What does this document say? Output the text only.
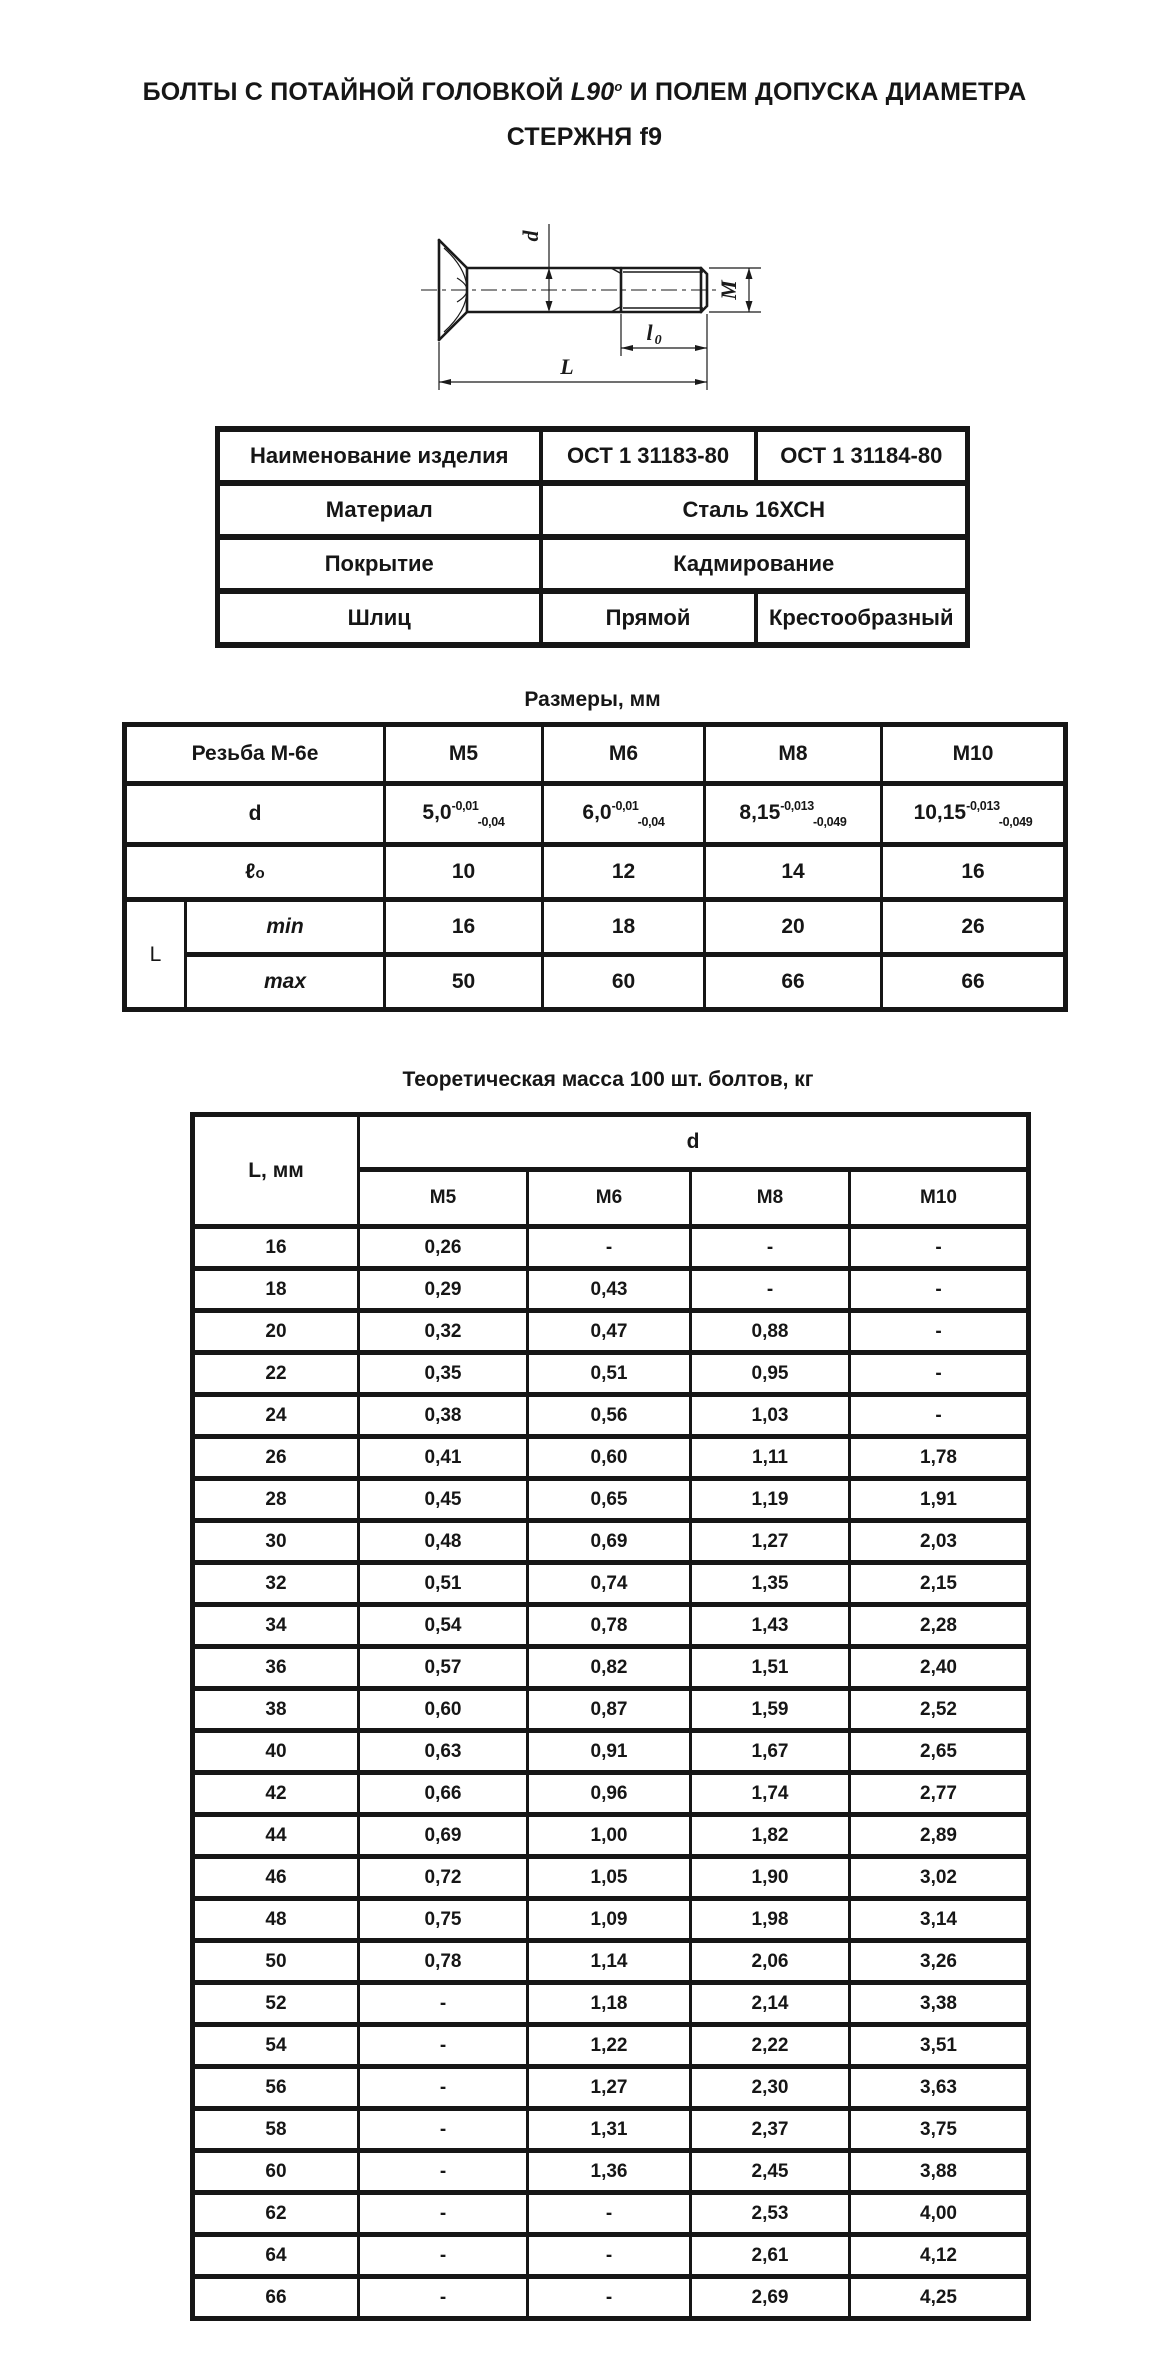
БОЛТЫ С ПОТАЙНОЙ ГОЛОВКОЙ L90$^o$ И ПОЛЕМ ДОПУСКА ДИАМЕТРА
СТЕРЖНЯ f9
d
M
l 0
L
Наименование изделия	ОСТ 1 31183-80	ОСТ 1 31184-80
Материал	Сталь 16ХСН	
Покрытие	Кадмирование	
Шлиц	Прямой	Крестообразный
Размеры, мм
Резьба М-6е		М5	М6	М8	М10
d		$5,0^{-0,01}_{-0,04}$	$6,0^{-0,01}_{-0,04}$	$8,15^{-0,013}_{-0,049}$	$10,15^{-0,013}_{-0,049}$
ℓo		10	12	14	16
L	min	16	18	20	26
	max	50	60	66	66
Теоретическая масса 100 шт. болтов, кг
L, мм	d			
	М5	М6	М8	М10
16	0,26	-	-	-
18	0,29	0,43	-	-
20	0,32	0,47	0,88	-
22	0,35	0,51	0,95	-
24	0,38	0,56	1,03	-
26	0,41	0,60	1,11	1,78
28	0,45	0,65	1,19	1,91
30	0,48	0,69	1,27	2,03
32	0,51	0,74	1,35	2,15
34	0,54	0,78	1,43	2,28
36	0,57	0,82	1,51	2,40
38	0,60	0,87	1,59	2,52
40	0,63	0,91	1,67	2,65
42	0,66	0,96	1,74	2,77
44	0,69	1,00	1,82	2,89
46	0,72	1,05	1,90	3,02
48	0,75	1,09	1,98	3,14
50	0,78	1,14	2,06	3,26
52	-	1,18	2,14	3,38
54	-	1,22	2,22	3,51
56	-	1,27	2,30	3,63
58	-	1,31	2,37	3,75
60	-	1,36	2,45	3,88
62	-	-	2,53	4,00
64	-	-	2,61	4,12
66	-	-	2,69	4,25
